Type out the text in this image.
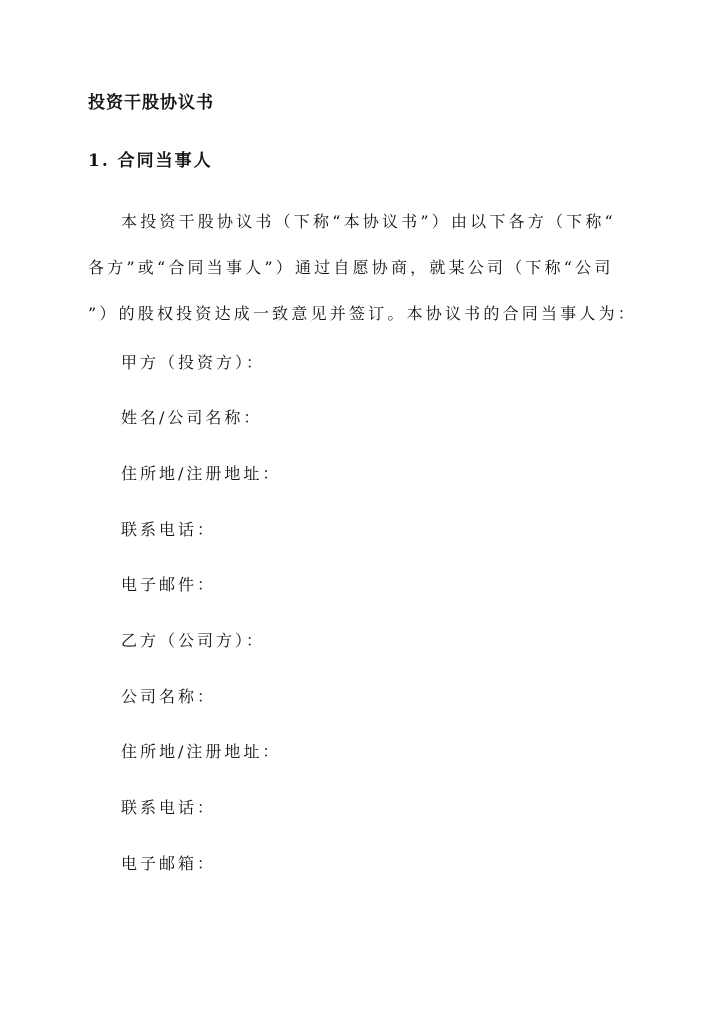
投资干股协议书
1. 合同当事人
本投资干股协议书（下称“本协议书”）由以下各方（下称“
各方”或“合同当事人”）通过自愿协商，就某公司（下称“公司
”）的股权投资达成一致意见并签订。本协议书的合同当事人为：
甲方（投资方）：
姓名/公司名称：
住所地/注册地址：
联系电话：
电子邮件：
乙方（公司方）：
公司名称：
住所地/注册地址：
联系电话：
电子邮箱：
